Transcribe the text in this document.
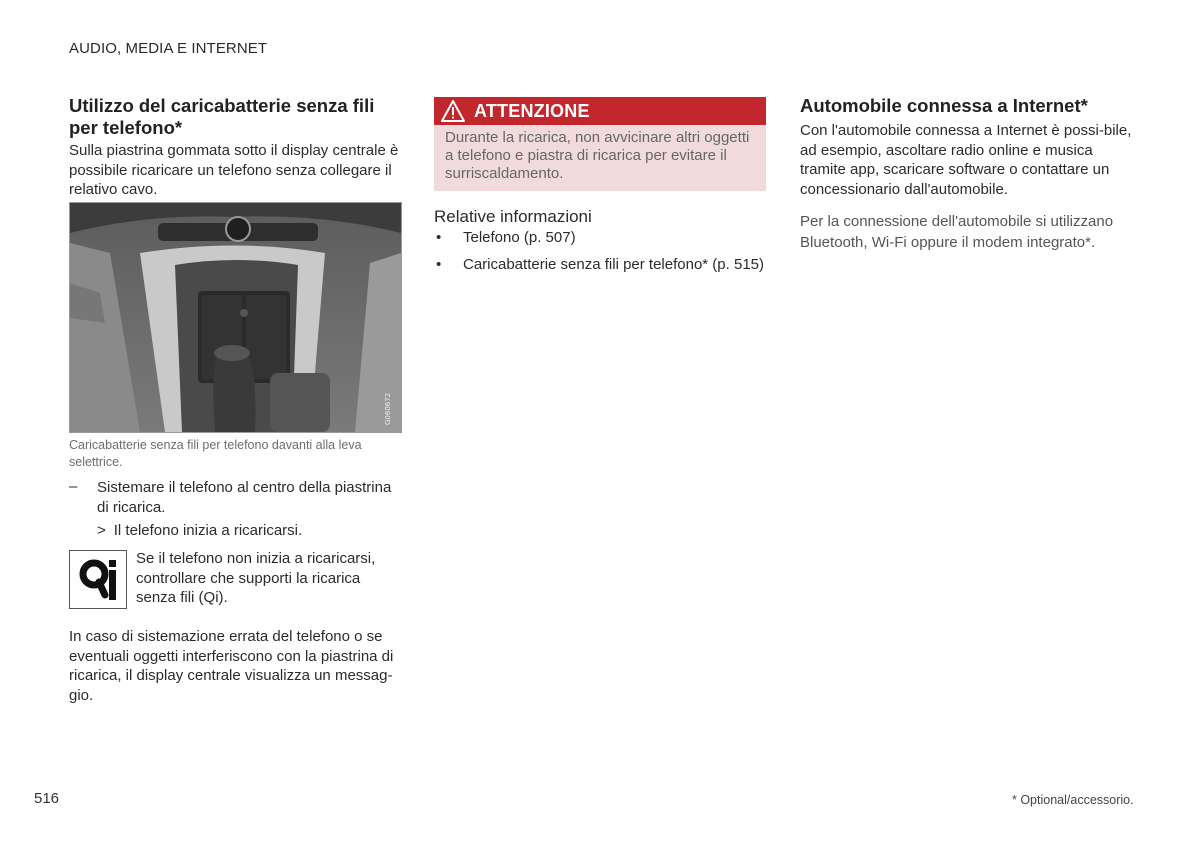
AUDIO, MEDIA E INTERNET
Utilizzo del caricabatterie senza fili per telefono*

Sulla piastrina gommata sotto il display centrale è possibile ricaricare un telefono senza collegare il relativo cavo.

G060672
Caricabatterie senza fili per telefono davanti alla leva selettrice.
– Sistemare il telefono al centro della piastrina di ricarica.
> Il telefono inizia a ricaricarsi.
Se il telefono non inizia a ricaricarsi, controllare che supporti la ricarica senza fili (Qi).

In caso di sistemazione errata del telefono o se eventuali oggetti interferiscono con la piastrina di ricarica, il display centrale visualizza un messag-gio.

ATTENZIONE

Durante la ricarica, non avvicinare altri oggetti a telefono e piastra di ricarica per evitare il surriscaldamento.

Relative informazioni
• Telefono (p. 507)
• Caricabatterie senza fili per telefono* (p. 515)
Automobile connessa a Internet*

Con l'automobile connessa a Internet è possi-bile, ad esempio, ascoltare radio online e musica tramite app, scaricare software o contattare un concessionario dall'automobile.

Per la connessione dell'automobile si utilizzano Bluetooth, Wi-Fi oppure il modem integrato*.

516	* Optional/accessorio.
